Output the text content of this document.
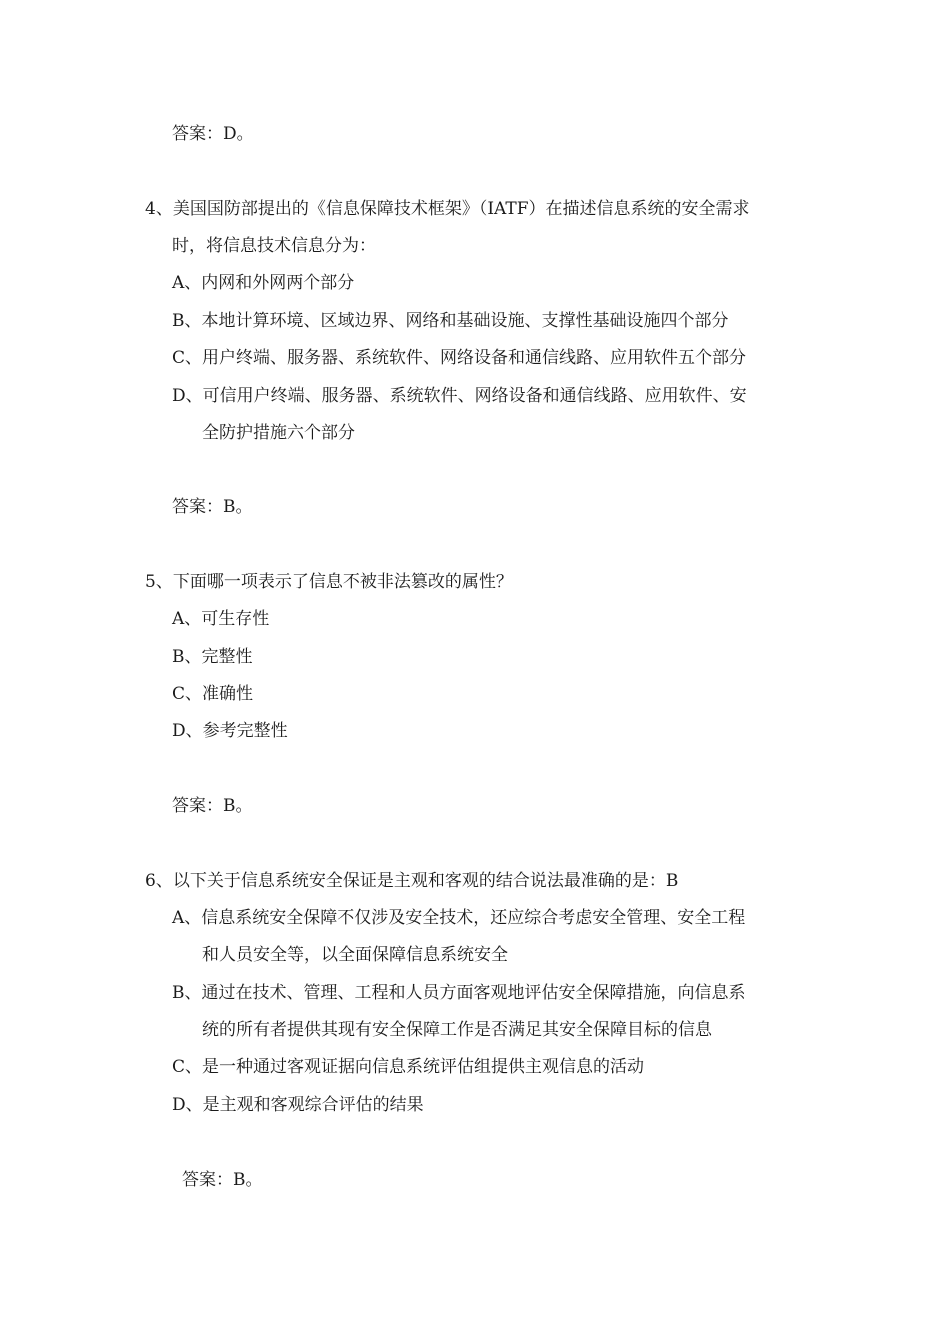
答案：D。
4、美国国防部提出的《信息保障技术框架》（IATF）在描述信息系统的安全需求
时，将信息技术信息分为：
A、内网和外网两个部分
B、本地计算环境、区域边界、网络和基础设施、支撑性基础设施四个部分
C、用户终端、服务器、系统软件、网络设备和通信线路、应用软件五个部分
D、可信用户终端、服务器、系统软件、网络设备和通信线路、应用软件、安
全防护措施六个部分
答案：B。
5、下面哪一项表示了信息不被非法篡改的属性？
A、可生存性
B、完整性
C、准确性
D、参考完整性
答案：B。
6、以下关于信息系统安全保证是主观和客观的结合说法最准确的是：B
A、信息系统安全保障不仅涉及安全技术，还应综合考虑安全管理、安全工程
和人员安全等，以全面保障信息系统安全
B、通过在技术、管理、工程和人员方面客观地评估安全保障措施，向信息系
统的所有者提供其现有安全保障工作是否满足其安全保障目标的信息
C、是一种通过客观证据向信息系统评估组提供主观信息的活动
D、是主观和客观综合评估的结果
答案：B。
